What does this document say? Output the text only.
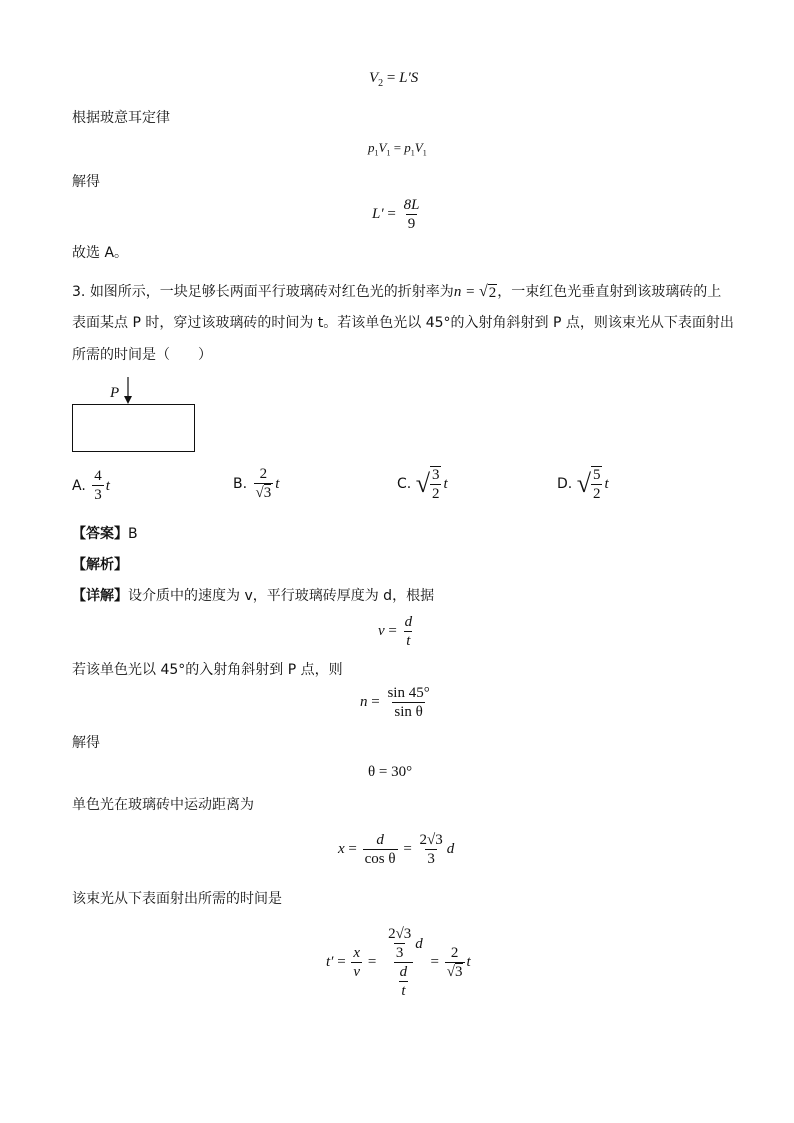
$V_2 = L'S$
根据玻意耳定律
$p_1V_1 = p_1V_1$
解得
$L' = \frac{8L}{9}$
故选 A。
3. 如图所示，一块足够长两面平行玻璃砖对红色光的折射率为n = √ 2 ，一束红色光垂直射到该玻璃砖的上
表面某点 P 时，穿过该玻璃砖的时间为 t。若该单色光以 45°的入射角斜射到 P 点，则该束光从下表面射出
所需的时间是（　　）
P
A.
$\frac{4}{3}$ t	B.
$\frac{2}{√3}$ t	C.
√ $\frac{3}{2}$ t	D.
√ $\frac{5}{2}$ t
【答案】B
【解析】
【详解】设介质中的速度为 v，平行玻璃砖厚度为 d，根据
$v = \frac{d}{t}$
若该单色光以 45°的入射角斜射到 P 点，则
$n = \frac{\sin 45^\circ}{\text{sin θ}}$
解得
θ = 30°
单色光在玻璃砖中运动距离为
$x = \frac{d}{\text{cos θ}} = \frac{2√3}{3}$ d
该束光从下表面射出所需的时间是
$t' = \frac{x}{v} = \frac{\frac{2√3}{3} d}{\frac{d}{t}} = \frac{2}{√3}$ t
